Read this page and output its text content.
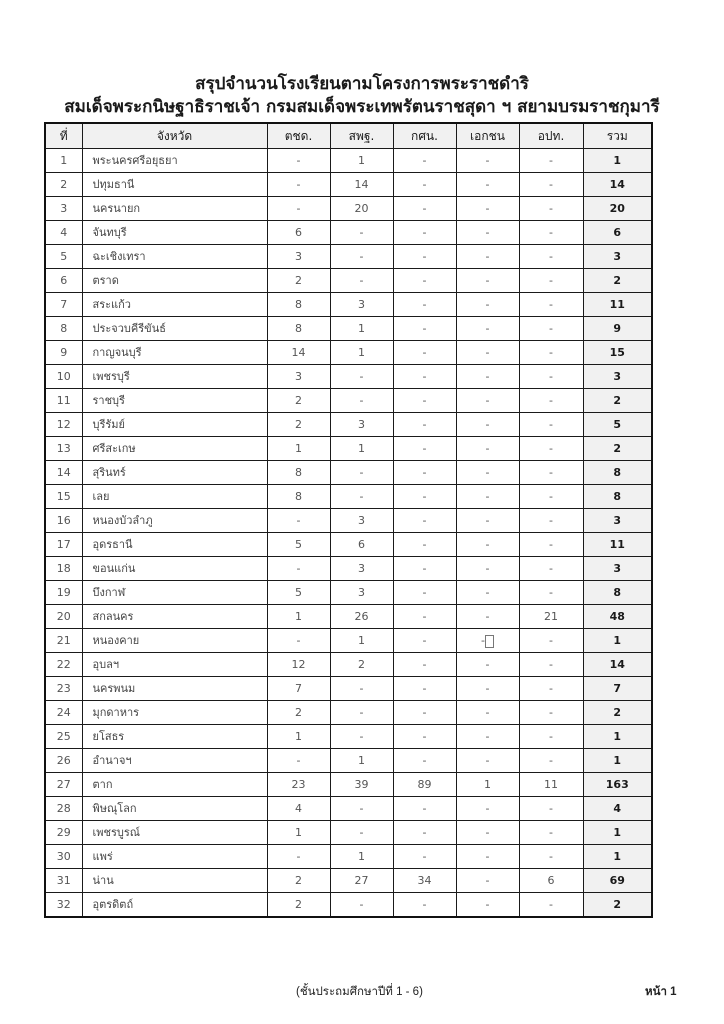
สรุปจำนวนโรงเรียนตามโครงการพระราชดำริ
สมเด็จพระกนิษฐาธิราชเจ้า กรมสมเด็จพระเทพรัตนราชสุดา ฯ สยามบรมราชกุมารี
ที่	จังหวัด	ตชด.	สพฐ.	กศน.	เอกชน	อปท.	รวม
1	พระนครศรีอยุธยา	-	1	-	-	-	1
2	ปทุมธานี	-	14	-	-	-	14
3	นครนายก	-	20	-	-	-	20
4	จันทบุรี	6	-	-	-	-	6
5	ฉะเชิงเทรา	3	-	-	-	-	3
6	ตราด	2	-	-	-	-	2
7	สระแก้ว	8	3	-	-	-	11
8	ประจวบคีรีขันธ์	8	1	-	-	-	9
9	กาญจนบุรี	14	1	-	-	-	15
10	เพชรบุรี	3	-	-	-	-	3
11	ราชบุรี	2	-	-	-	-	2
12	บุรีรัมย์	2	3	-	-	-	5
13	ศรีสะเกษ	1	1	-	-	-	2
14	สุรินทร์	8	-	-	-	-	8
15	เลย	8	-	-	-	-	8
16	หนองบัวลำภู	-	3	-	-	-	3
17	อุดรธานี	5	6	-	-	-	11
18	ขอนแก่น	-	3	-	-	-	3
19	บึงกาฬ	5	3	-	-	-	8
20	สกลนคร	1	26	-	-	21	48
21	หนองคาย	-	1	-	-	-	1
22	อุบลฯ	12	2	-	-	-	14
23	นครพนม	7	-	-	-	-	7
24	มุกดาหาร	2	-	-	-	-	2
25	ยโสธร	1	-	-	-	-	1
26	อำนาจฯ	-	1	-	-	-	1
27	ตาก	23	39	89	1	11	163
28	พิษณุโลก	4	-	-	-	-	4
29	เพชรบูรณ์	1	-	-	-	-	1
30	แพร่	-	1	-	-	-	1
31	น่าน	2	27	34	-	6	69
32	อุตรดิตถ์	2	-	-	-	-	2
(ชั้นประถมศึกษาปีที่ 1 - 6)	หน้า 1
